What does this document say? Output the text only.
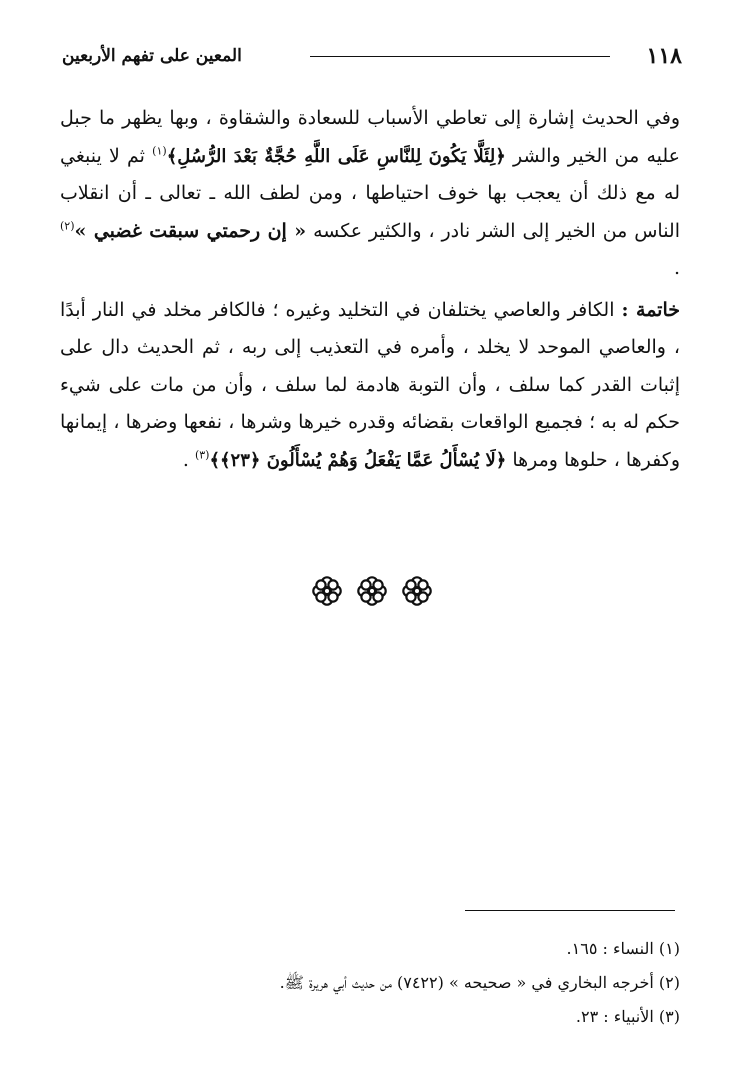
١١٨
المعين على تفهم الأربعين

وفي الحديث إشارة إلى تعاطي الأسباب للسعادة والشقاوة ، وبها يظهر ما جبل عليه من الخير والشر ﴿لِئَلَّا يَكُونَ لِلنَّاسِ عَلَى اللَّهِ حُجَّةٌ بَعْدَ الرُّسُلِ﴾$^{(١)}$ ثم لا ينبغي له مع ذلك أن يعجب بها خوف احتياطها ، ومن لطف الله ـ تعالى ـ أن انقلاب الناس من الخير إلى الشر نادر ، والكثير عكسه « إن رحمتي سبقت غضبي »$^{(٢)}$ .

خاتمة : الكافر والعاصي يختلفان في التخليد وغيره ؛ فالكافر مخلد في النار أبدًا ، والعاصي الموحد لا يخلد ، وأمره في التعذيب إلى ربه ، ثم الحديث دال على إثبات القدر كما سلف ، وأن التوبة هادمة لما سلف ، وأن من مات على شيء حكم له به ؛ فجميع الواقعات بقضائه وقدره خيرها وشرها ، نفعها وضرها ، إيمانها وكفرها ، حلوها ومرها ﴿لَا يُسْأَلُ عَمَّا يَفْعَلُ وَهُمْ يُسْأَلُونَ ﴿٢٣﴾﴾$^{(٣)}$ .

(١) النساء : ١٦٥.
(٢) أخرجه البخاري في « صحيحه » (٧٤٢٢) من حديث أبي هريرة ﷺ.
(٣) الأنبياء : ٢٣.
